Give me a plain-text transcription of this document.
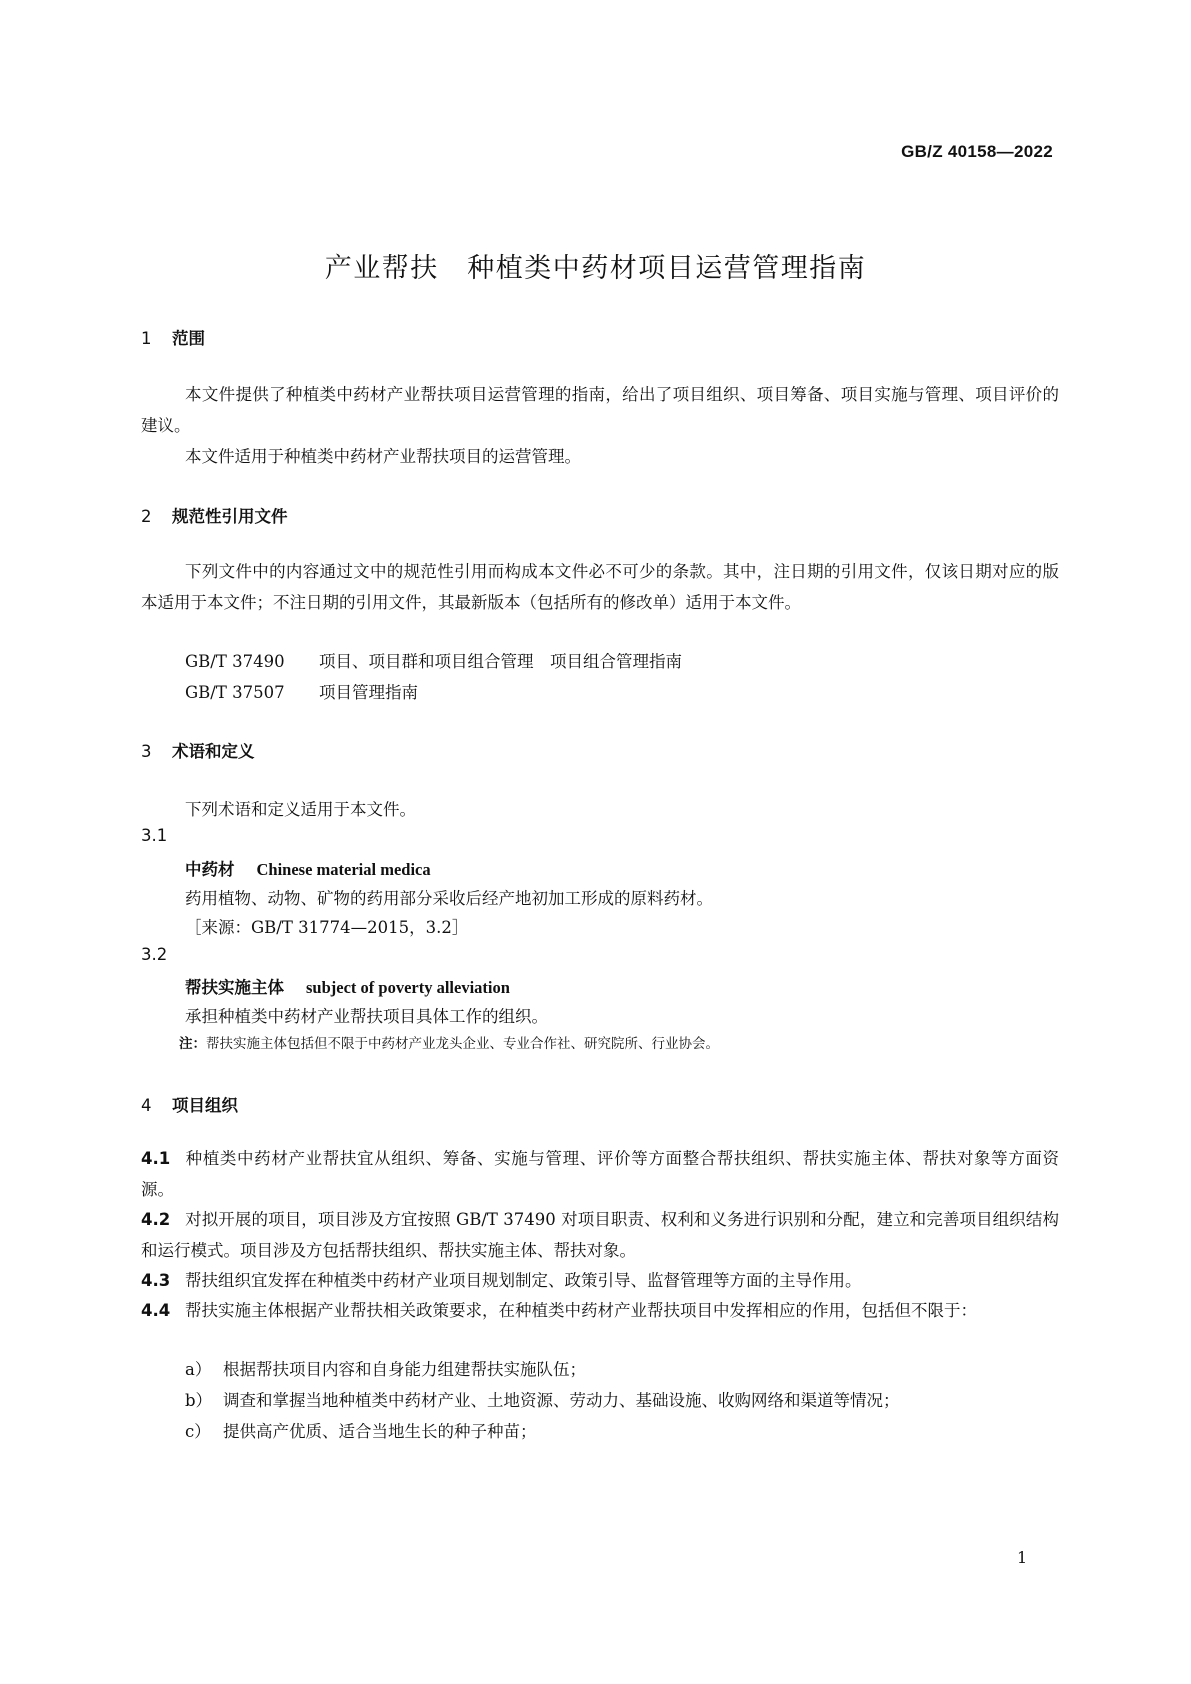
GB/Z 40158—2022
产业帮扶　种植类中药材项目运营管理指南
1 范围
本文件提供了种植类中药材产业帮扶项目运营管理的指南，给出了项目组织、项目筹备、项目实施与管理、项目评价的建议。
本文件适用于种植类中药材产业帮扶项目的运营管理。
2 规范性引用文件
下列文件中的内容通过文中的规范性引用而构成本文件必不可少的条款。其中，注日期的引用文件，仅该日期对应的版本适用于本文件；不注日期的引用文件，其最新版本（包括所有的修改单）适用于本文件。
GB/T 37490 项目、项目群和项目组合管理　项目组合管理指南
GB/T 37507 项目管理指南
3 术语和定义
下列术语和定义适用于本文件。
3.1
中药材 Chinese material medica
药用植物、动物、矿物的药用部分采收后经产地初加工形成的原料药材。
［来源：GB/T 31774—2015，3.2］
3.2
帮扶实施主体 subject of poverty alleviation
承担种植类中药材产业帮扶项目具体工作的组织。
注：帮扶实施主体包括但不限于中药材产业龙头企业、专业合作社、研究院所、行业协会。
4 项目组织
4.1 种植类中药材产业帮扶宜从组织、筹备、实施与管理、评价等方面整合帮扶组织、帮扶实施主体、帮扶对象等方面资源。
4.2 对拟开展的项目，项目涉及方宜按照 GB/T 37490 对项目职责、权利和义务进行识别和分配，建立和完善项目组织结构和运行模式。项目涉及方包括帮扶组织、帮扶实施主体、帮扶对象。
4.3 帮扶组织宜发挥在种植类中药材产业项目规划制定、政策引导、监督管理等方面的主导作用。
4.4 帮扶实施主体根据产业帮扶相关政策要求，在种植类中药材产业帮扶项目中发挥相应的作用，包括但不限于：
a） 根据帮扶项目内容和自身能力组建帮扶实施队伍；
b） 调查和掌握当地种植类中药材产业、土地资源、劳动力、基础设施、收购网络和渠道等情况；
c） 提供高产优质、适合当地生长的种子种苗；
1
